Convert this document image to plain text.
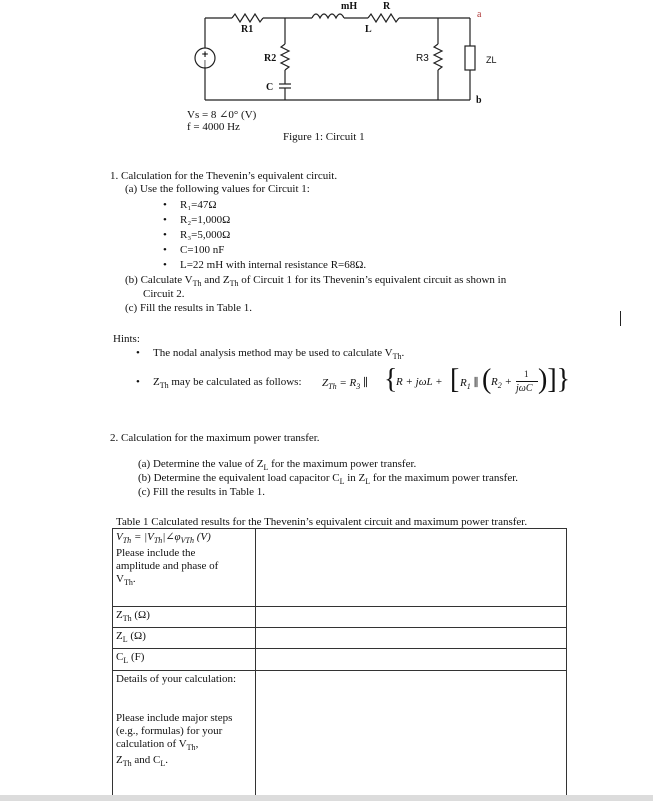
+
|
mH	R
a
R1	L
R2	R3	ZL
C
b
Vs = 8 ∠0° (V)
f = 4000 Hz
Figure 1: Circuit 1
1. Calculation for the Thevenin’s equivalent circuit.
(a) Use the following values for Circuit 1:
• R₁=47Ω
• R₂=1,000Ω
• R₃=5,000Ω
• C=100 nF
• L=22 mH with internal resistance R=68Ω.
(b) Calculate $V_{Th}$ and $Z_{Th}$ of Circuit 1 for its Thevenin’s equivalent circuit as shown in
Circuit 2.
(c) Fill the results in Table 1.
Hints:
• The nodal analysis method may be used to calculate $V_{Th}$.
• $Z_{Th}$ may be calculated as follows: $Z_{Th} = R_3$ ∥ {
R + jωL + [ $R_1$ ∥ ( $R_2$ +
1
jωC )]}
2. Calculation for the maximum power transfer.
(a) Determine the value of $Z_L$ for the maximum power transfer.
(b) Determine the equivalent load capacitor $C_L$ in $Z_L$ for the maximum power transfer.
(c) Fill the results in Table 1.
Table 1 Calculated results for the Thevenin’s equivalent circuit and maximum power transfer.
$V_{Th}$ = $|V_{Th}|\angle\varphi_{VTh}$ (V)
Please include the
amplitude and phase of
$V_{Th}$.	

$Z_{Th}$ (Ω)	
$Z_L$ (Ω)	
$C_L$ (F)	

Details of your calculation:
Please include major steps
(e.g., formulas) for your
calculation of $V_{Th}$,
$Z_{Th}$ and $C_L$.	
